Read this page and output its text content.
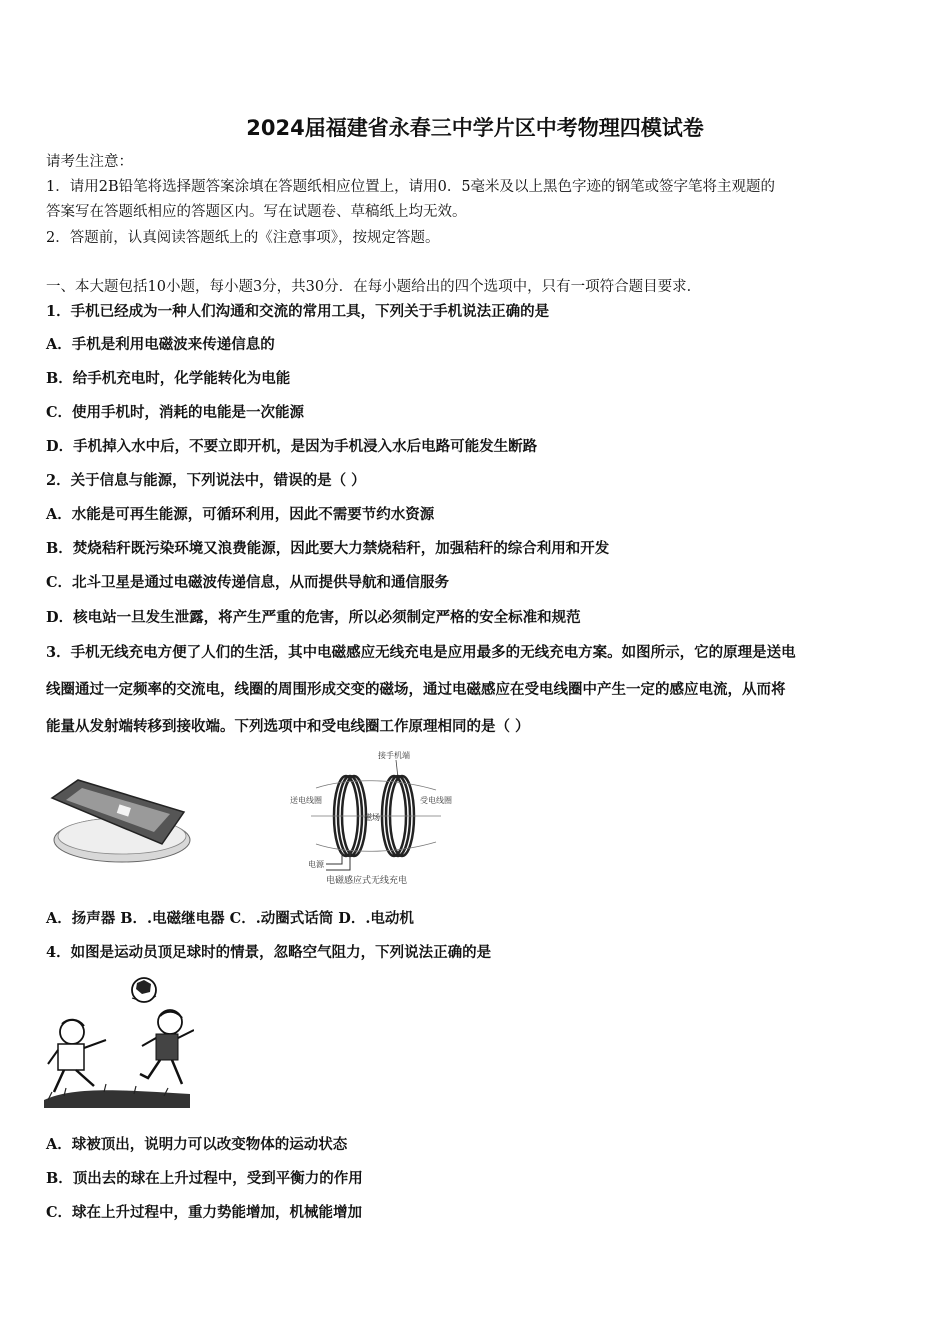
2024届福建省永春三中学片区中考物理四模试卷
请考生注意：
1．请用2B铅笔将选择题答案涂填在答题纸相应位置上，请用0．5毫米及以上黑色字迹的钢笔或签字笔将主观题的
答案写在答题纸相应的答题区内。写在试题卷、草稿纸上均无效。
2．答题前，认真阅读答题纸上的《注意事项》，按规定答题。
一、本大题包括10小题，每小题3分，共30分．在每小题给出的四个选项中，只有一项符合题目要求．
1．手机已经成为一种人们沟通和交流的常用工具，下列关于手机说法正确的是
A．手机是利用电磁波来传递信息的
B．给手机充电时，化学能转化为电能
C．使用手机时，消耗的电能是一次能源
D．手机掉入水中后，不要立即开机，是因为手机浸入水后电路可能发生断路
2．关于信息与能源，下列说法中，错误的是（ ）
A．水能是可再生能源，可循环利用，因此不需要节约水资源
B．焚烧秸秆既污染环境又浪费能源，因此要大力禁烧秸秆，加强秸秆的综合利用和开发
C．北斗卫星是通过电磁波传递信息，从而提供导航和通信服务
D．核电站一旦发生泄露，将产生严重的危害，所以必须制定严格的安全标准和规范
3．手机无线充电方便了人们的生活，其中电磁感应无线充电是应用最多的无线充电方案。如图所示，它的原理是送电
线圈通过一定频率的交流电，线圈的周围形成交变的磁场，通过电磁感应在受电线圈中产生一定的感应电流，从而将
能量从发射端转移到接收端。下列选项中和受电线圈工作原理相同的是（ ）
接手机端
送电线圈	受电线圈
磁场
电源
电磁感应式无线充电
A．扬声器 B．.电磁继电器 C．.动圈式话筒 D．.电动机
4．如图是运动员顶足球时的情景，忽略空气阻力，下列说法正确的是
A．球被顶出，说明力可以改变物体的运动状态
B．顶出去的球在上升过程中，受到平衡力的作用
C．球在上升过程中，重力势能增加，机械能增加
